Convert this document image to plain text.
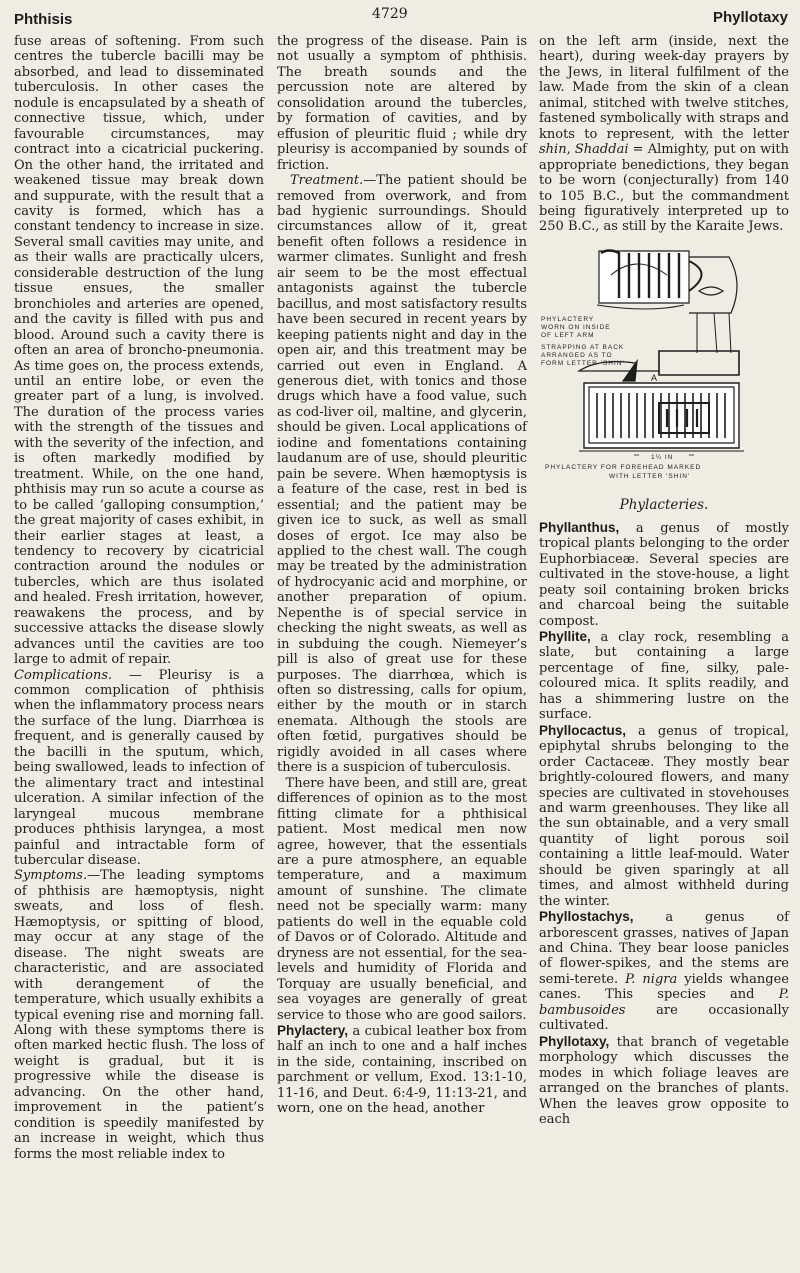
Phthisis	4729	Phyllotaxy

fuse areas of softening. From such centres the tubercle bacilli may be absorbed, and lead to disseminated tuberculosis. In other cases the nodule is encapsulated by a sheath of connective tissue, which, under favourable circumstances, may contract into a cicatricial puckering. On the other hand, the irritated and weakened tissue may break down and suppurate, with the result that a cavity is formed, which has a constant tendency to increase in size. Several small cavities may unite, and as their walls are practically ulcers, considerable destruction of the lung tissue ensues, the smaller bronchioles and arteries are opened, and the cavity is filled with pus and blood. Around such a cavity there is often an area of broncho-pneumonia. As time goes on, the process extends, until an entire lobe, or even the greater part of a lung, is involved. The duration of the process varies with the strength of the tissues and with the severity of the infection, and is often markedly modified by treatment. While, on the one hand, phthisis may run so acute a course as to be called ‘galloping consumption,’ the great majority of cases exhibit, in their earlier stages at least, a tendency to recovery by cicatricial contraction around the nodules or tubercles, which are thus isolated and healed. Fresh irritation, however, reawakens the process, and by successive attacks the disease slowly advances until the cavities are too large to admit of repair.

Complications. — Pleurisy is a common complication of phthisis when the inflammatory process nears the surface of the lung. Diarrhœa is frequent, and is generally caused by the bacilli in the sputum, which, being swallowed, leads to infection of the alimentary tract and intestinal ulceration. A similar infection of the laryngeal mucous membrane produces phthisis laryngea, a most painful and intractable form of tubercular disease.

Symptoms.—The leading symptoms of phthisis are hæmoptysis, night sweats, and loss of flesh. Hæmoptysis, or spitting of blood, may occur at any stage of the disease. The night sweats are characteristic, and are associated with derangement of the temperature, which usually exhibits a typical evening rise and morning fall. Along with these symptoms there is often marked hectic flush. The loss of weight is gradual, but it is progressive while the disease is advancing. On the other hand, improvement in the patient’s condition is speedily manifested by an increase in weight, which thus forms the most reliable index to

the progress of the disease. Pain is not usually a symptom of phthisis. The breath sounds and the percussion note are altered by consolidation around the tubercles, by formation of cavities, and by effusion of pleuritic fluid ; while dry pleurisy is accompanied by sounds of friction.

Treatment.—The patient should be removed from overwork, and from bad hygienic surroundings. Should circumstances allow of it, great benefit often follows a residence in warmer climates. Sunlight and fresh air seem to be the most effectual antagonists against the tubercle bacillus, and most satisfactory results have been secured in recent years by keeping patients night and day in the open air, and this treatment may be carried out even in England. A generous diet, with tonics and those drugs which have a food value, such as cod-liver oil, maltine, and glycerin, should be given. Local applications of iodine and fomentations containing laudanum are of use, should pleuritic pain be severe. When hæmoptysis is a feature of the case, rest in bed is essential; and the patient may be given ice to suck, as well as small doses of ergot. Ice may also be applied to the chest wall. The cough may be treated by the administration of hydrocyanic acid and morphine, or another preparation of opium. Nepenthe is of special service in checking the night sweats, as well as in subduing the cough. Niemeyer’s pill is also of great use for these purposes. The diarrhœa, which is often so distressing, calls for opium, either by the mouth or in starch enemata. Although the stools are often fœtid, purgatives should be rigidly avoided in all cases where there is a suspicion of tuberculosis.

There have been, and still are, great differences of opinion as to the most fitting climate for a phthisical patient. Most medical men now agree, however, that the essentials are a pure atmosphere, an equable temperature, and a maximum amount of sunshine. The climate need not be specially warm: many patients do well in the equable cold of Davos or of Colorado. Altitude and dryness are not essential, for the sea-levels and humidity of Florida and Torquay are usually beneficial, and sea voyages are generally of great service to those who are good sailors.

Phylactery, a cubical leather box from half an inch to one and a half inches in the side, containing, inscribed on parchment or vellum, Exod. 13:1-10, 11-16, and Deut. 6:4-9, 11:13-21, and worn, one on the head, another

on the left arm (inside, next the heart), during week-day prayers by the Jews, in literal fulfilment of the law. Made from the skin of a clean animal, stitched with twelve stitches, fastened symbolically with straps and knots to represent, with the letter shin, Shaddai = Almighty, put on with appropriate benedictions, they began to be worn (conjecturally) from 140 to 105 B.C., but the commandment being figuratively interpreted up to 250 B.C., as still by the Karaite Jews.

PHYLACTERY
WORN ON INSIDE
OF LEFT ARM
STRAPPING AT BACK
ARRANGED AS TO
FORM LETTER 'SHIN'
A
1¼ IN
PHYLACTERY FOR FOREHEAD MARKED
WITH LETTER 'SHIN'
Phylacteries.

Phyllanthus, a genus of mostly tropical plants belonging to the order Euphorbiaceæ. Several species are cultivated in the stove-house, a light peaty soil containing broken bricks and charcoal being the suitable compost.

Phyllite, a clay rock, resembling a slate, but containing a large percentage of fine, silky, pale-coloured mica. It splits readily, and has a shimmering lustre on the surface.

Phyllocactus, a genus of tropical, epiphytal shrubs belonging to the order Cactaceæ. They mostly bear brightly-coloured flowers, and many species are cultivated in stovehouses and warm greenhouses. They like all the sun obtainable, and a very small quantity of light porous soil containing a little leaf-mould. Water should be given sparingly at all times, and almost withheld during the winter.

Phyllostachys, a genus of arborescent grasses, natives of Japan and China. They bear loose panicles of flower-spikes, and the stems are semi-terete. P. nigra yields whangee canes. This species and P. bambusoides are occasionally cultivated.

Phyllotaxy, that branch of vegetable morphology which discusses the modes in which foliage leaves are arranged on the branches of plants. When the leaves grow opposite to each
